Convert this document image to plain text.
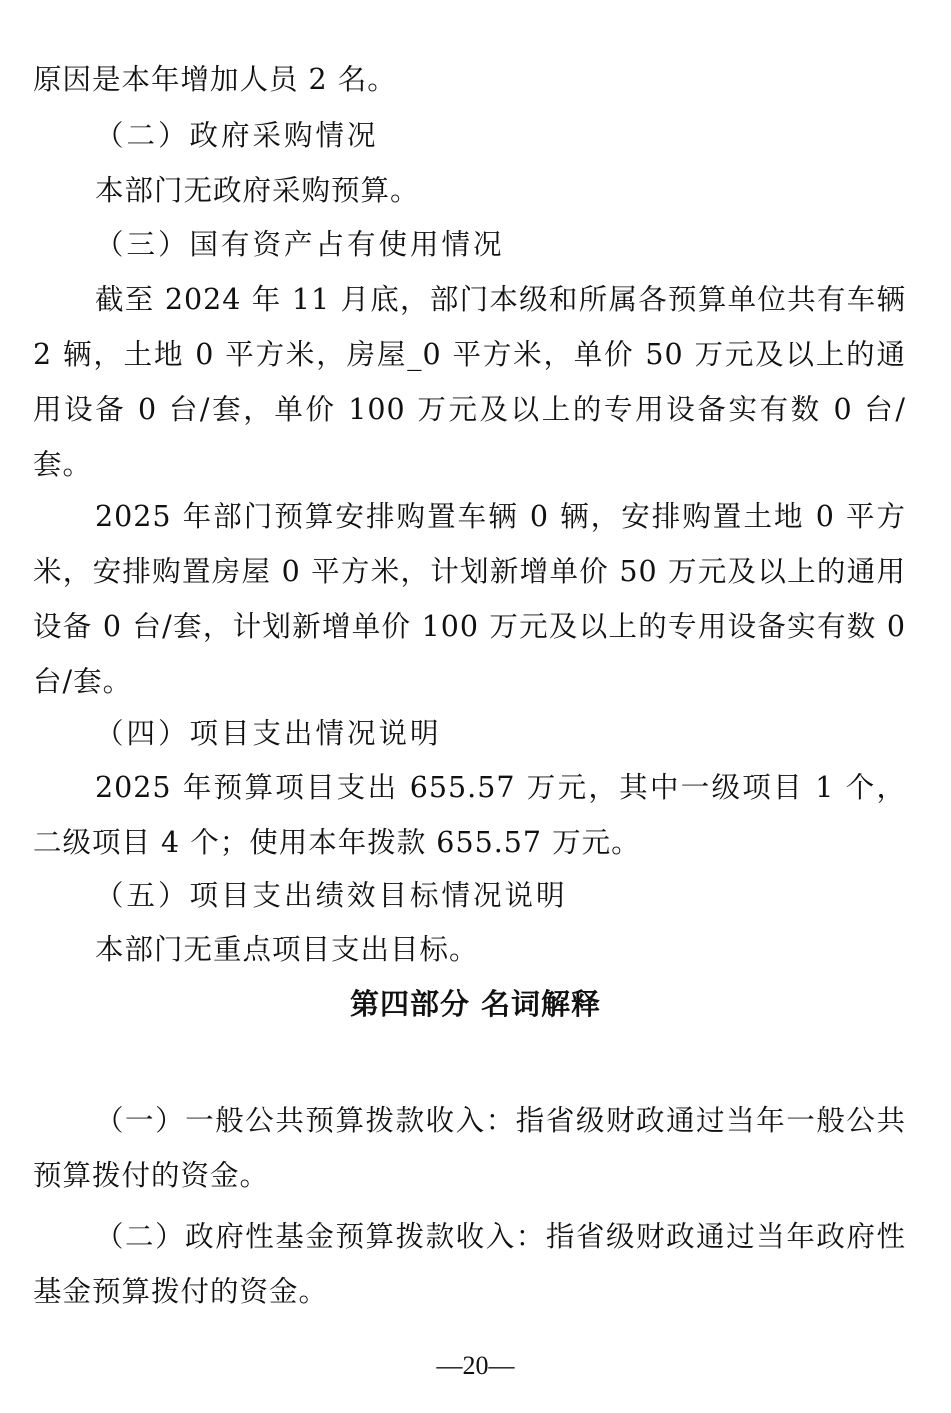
原因是本年增加人员 2 名。

（二）政府采购情况

本部门无政府采购预算。

（三）国有资产占有使用情况

截至 2024 年 11 月底，部门本级和所属各预算单位共有车辆 2 辆，土地 0 平方米，房屋_0 平方米，单价 50 万元及以上的通用设备 0 台/套，单价 100 万元及以上的专用设备实有数 0 台/套。

2025 年部门预算安排购置车辆 0 辆，安排购置土地 0 平方米，安排购置房屋 0 平方米，计划新增单价 50 万元及以上的通用设备 0 台/套，计划新增单价 100 万元及以上的专用设备实有数 0 台/套。

（四）项目支出情况说明

2025 年预算项目支出 655.57 万元，其中一级项目 1 个，二级项目 4 个；使用本年拨款 655.57 万元。

（五）项目支出绩效目标情况说明

本部门无重点项目支出目标。

第四部分 名词解释

（一）一般公共预算拨款收入：指省级财政通过当年一般公共预算拨付的资金。

（二）政府性基金预算拨款收入：指省级财政通过当年政府性基金预算拨付的资金。

—20—
